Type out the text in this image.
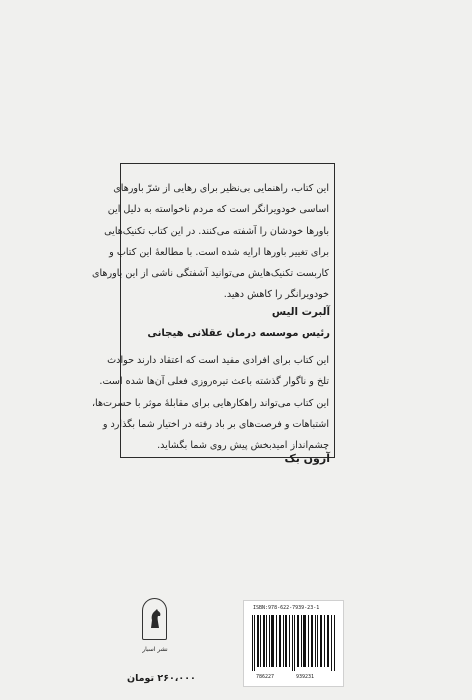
این کتاب، راهنمایی بی‌نظیر برای رهایی از شرّ باورهای
اساسی خودویرانگر است که مردم ناخواسته به دلیل این
باورها خودشان را آشفته می‌کنند. در این کتاب تکنیک‌هایی
برای تغییر باورها ارایه شده است. با مطالعهٔ این کتاب و
کاربست تکنیک‌هایش می‌توانید آشفتگی ناشی از این باورهای
خودویرانگر را کاهش دهید.
آلبرت الیس
رئیس موسسه درمان عقلانی هیجانی
این کتاب برای افرادی مفید است که اعتقاد دارند حوادث
تلخ و ناگوار گذشته باعث تیره‌روزی فعلی آن‌ها شده است.
این کتاب می‌تواند راهکارهایی برای مقابلهٔ موثر با حسرت‌ها،
اشتباهات و فرصت‌های بر باد رفته در اختیار شما بگذارد و
چشم‌انداز امیدبخش پیش روی شما بگشاید.
آرون بک
نشر اسبار
۲۶۰،۰۰۰ تومان
ISBN:978-622-7939-23-1
786227	939231
